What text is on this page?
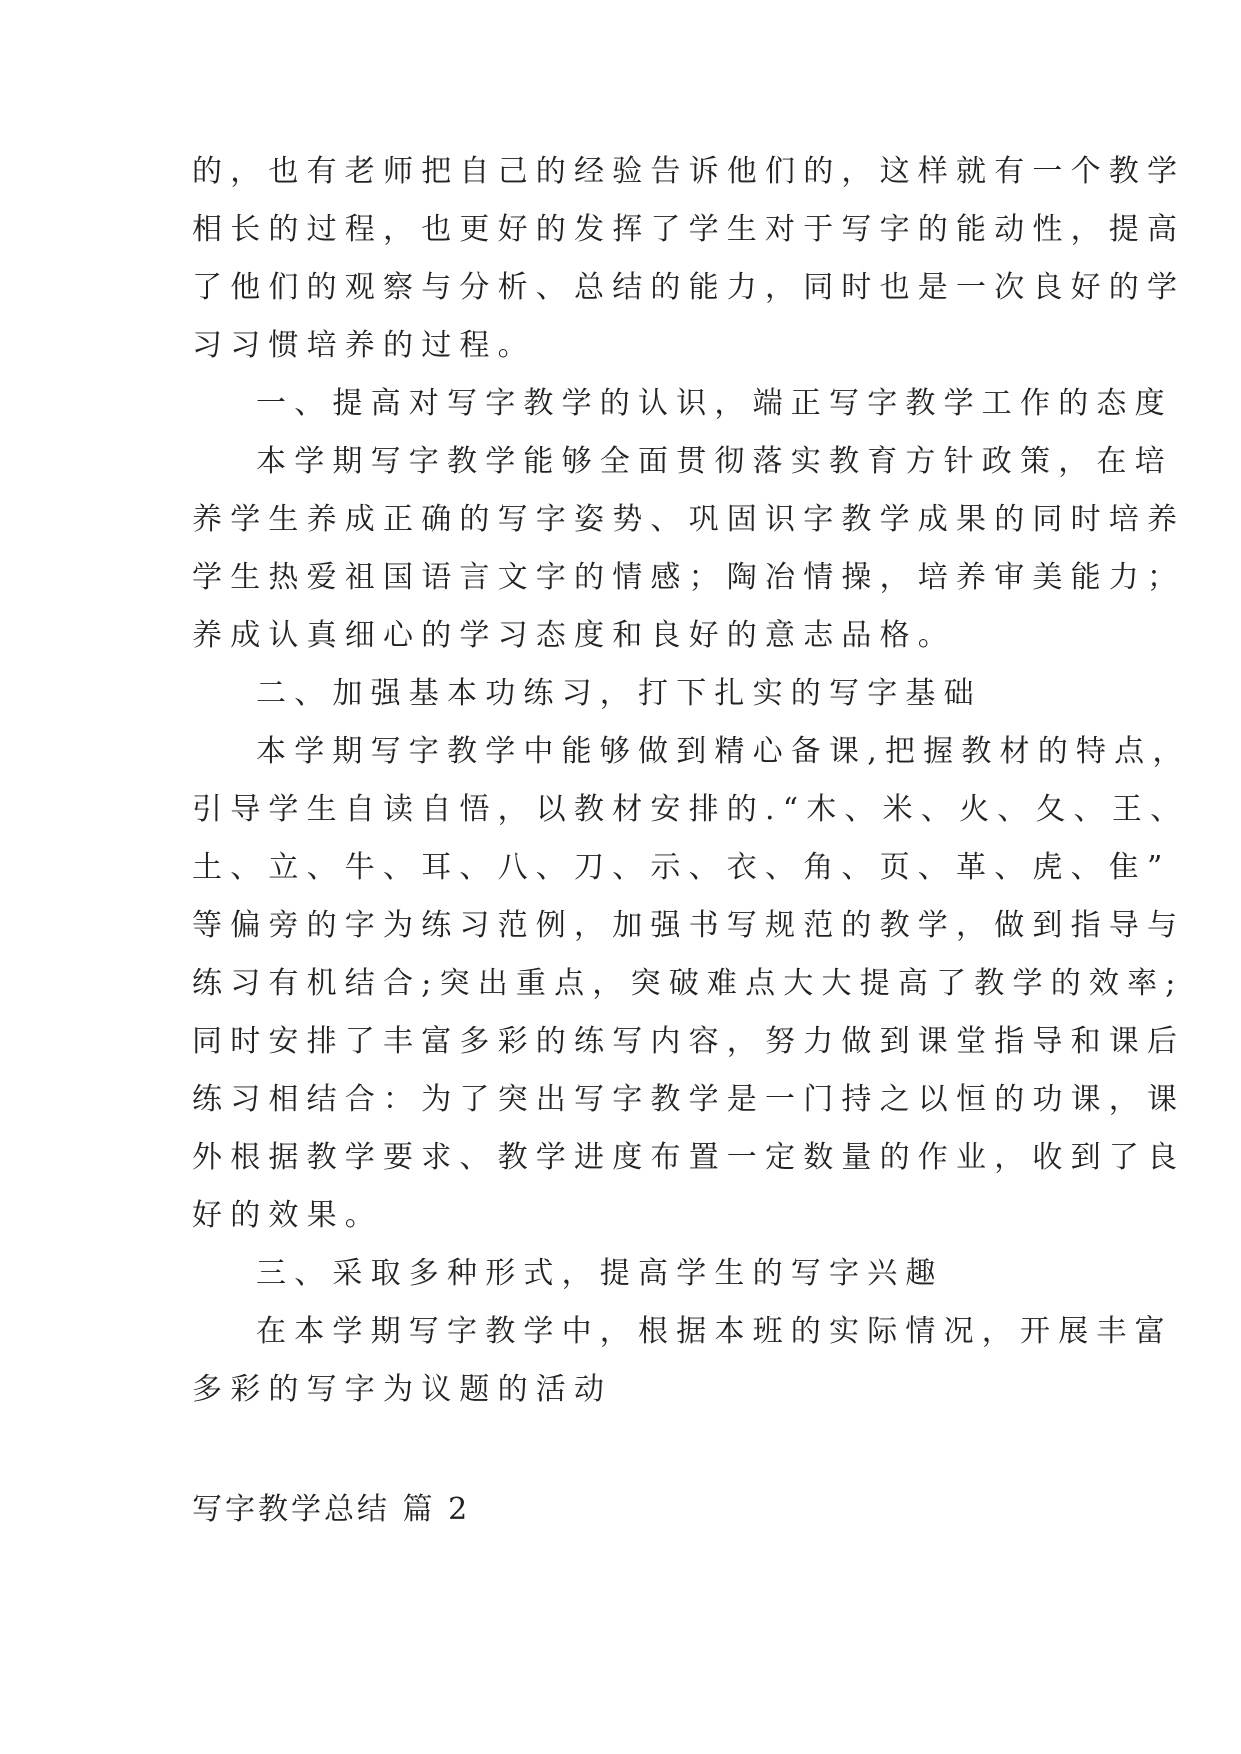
的，也有老师把自己的经验告诉他们的，这样就有一个教学
相长的过程，也更好的发挥了学生对于写字的能动性，提高
了他们的观察与分析、总结的能力，同时也是一次良好的学
习习惯培养的过程。
一、提高对写字教学的认识，端正写字教学工作的态度
本学期写字教学能够全面贯彻落实教育方针政策，在培
养学生养成正确的写字姿势、巩固识字教学成果的同时培养
学生热爱祖国语言文字的情感；陶冶情操，培养审美能力；
养成认真细心的学习态度和良好的意志品格。
二、加强基本功练习，打下扎实的写字基础
本学期写字教学中能够做到精心备课,把握教材的特点，
引导学生自读自悟，以教材安排的.“木、米、火、夂、王、
土、立、牛、耳、八、刀、示、衣、角、页、革、虎、隹”
等偏旁的字为练习范例，加强书写规范的教学，做到指导与
练习有机结合;突出重点，突破难点大大提高了教学的效率;
同时安排了丰富多彩的练写内容，努力做到课堂指导和课后
练习相结合：为了突出写字教学是一门持之以恒的功课，课
外根据教学要求、教学进度布置一定数量的作业，收到了良
好的效果。
三、采取多种形式，提高学生的写字兴趣
在本学期写字教学中，根据本班的实际情况，开展丰富
多彩的写字为议题的活动
写字教学总结 篇 2
